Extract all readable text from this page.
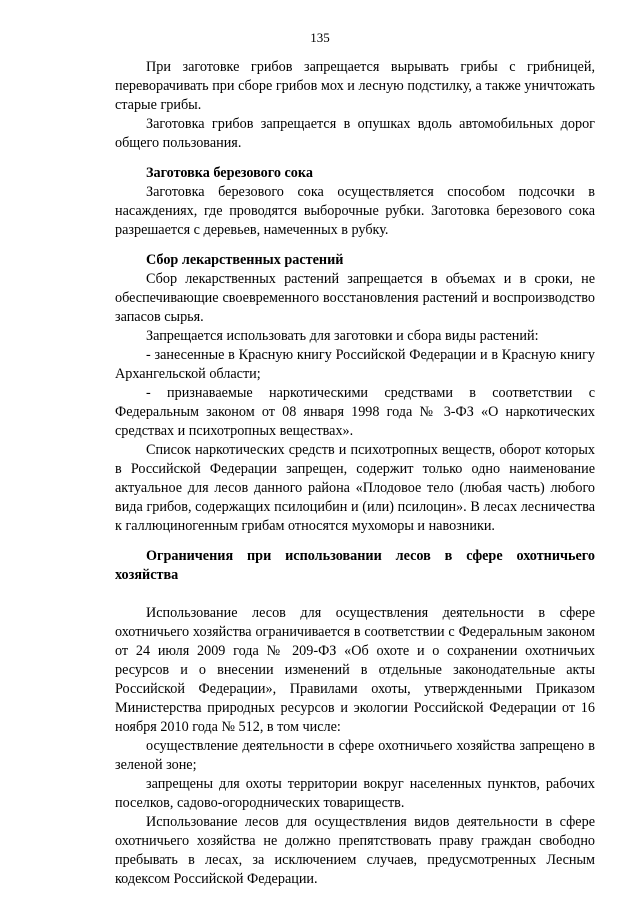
135

При заготовке грибов запрещается вырывать грибы с грибницей, переворачивать при сборе грибов мох и лесную подстилку, а также уничтожать старые грибы.

Заготовка грибов запрещается в опушках вдоль автомобильных дорог общего пользования.

Заготовка березового сока

Заготовка березового сока осуществляется способом подсочки в насаждениях, где проводятся выборочные рубки. Заготовка березового сока разрешается с деревьев, намеченных в рубку.

Сбор лекарственных растений

Сбор лекарственных растений запрещается в объемах и в сроки, не обеспечивающие своевременного восстановления растений и воспроизводство запасов сырья.

Запрещается использовать для заготовки и сбора виды растений:

- занесенные в Красную книгу Российской Федерации и в Красную книгу Архангельской области;

- признаваемые наркотическими средствами в соответствии с Федеральным законом от 08 января 1998 года № 3-ФЗ «О наркотических средствах и психотропных веществах».

Список наркотических средств и психотропных веществ, оборот которых в Российской Федерации запрещен, содержит только одно наименование актуальное для лесов данного района «Плодовое тело (любая часть) любого вида грибов, содержащих псилоцибин и (или) псилоцин». В лесах лесничества к галлюциногенным грибам относятся мухоморы и навозники.

Ограничения при использовании лесов в сфере охотничьего хозяйства

Использование лесов для осуществления деятельности в сфере охотничьего хозяйства ограничивается в соответствии с Федеральным законом от 24 июля 2009 года № 209-ФЗ «Об охоте и о сохранении охотничьих ресурсов и о внесении изменений в отдельные законодательные акты Российской Федерации», Правилами охоты, утвержденными Приказом Министерства природных ресурсов и экологии Российской Федерации от 16 ноября 2010 года № 512, в том числе:

осуществление деятельности в сфере охотничьего хозяйства запрещено в зеленой зоне;

запрещены для охоты территории вокруг населенных пунктов, рабочих поселков, садово-огороднических товариществ.

Использование лесов для осуществления видов деятельности в сфере охотничьего хозяйства не должно препятствовать праву граждан свободно пребывать в лесах, за исключением случаев, предусмотренных Лесным кодексом Российской Федерации.
